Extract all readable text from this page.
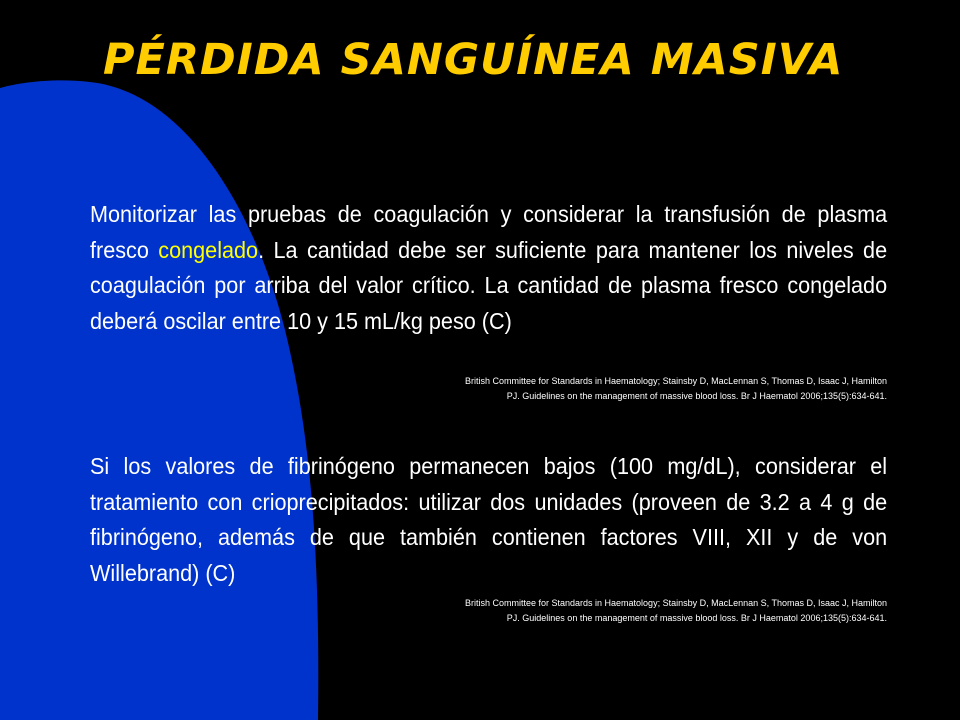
PÉRDIDA SANGUÍNEA MASIVA

Monitorizar las pruebas de coagulación y considerar la transfusión de plasma fresco congelado. La cantidad debe ser suficiente para mantener los niveles de coagulación por arriba del valor crítico. La cantidad de plasma fresco congelado deberá oscilar entre 10 y 15 mL/kg peso (C)

British Committee for Standards in Haematology; Stainsby D, MacLennan S, Thomas D, Isaac J, Hamilton
PJ. Guidelines on the management of massive blood loss. Br J Haematol 2006;135(5):634-641.

Si los valores de fibrinógeno permanecen bajos (100 mg/dL), considerar el tratamiento con crioprecipitados: utilizar dos unidades (proveen de 3.2 a 4 g de fibrinógeno, además de que también contienen factores VIII, XII y de von Willebrand) (C)

British Committee for Standards in Haematology; Stainsby D, MacLennan S, Thomas D, Isaac J, Hamilton
PJ. Guidelines on the management of massive blood loss. Br J Haematol 2006;135(5):634-641.
